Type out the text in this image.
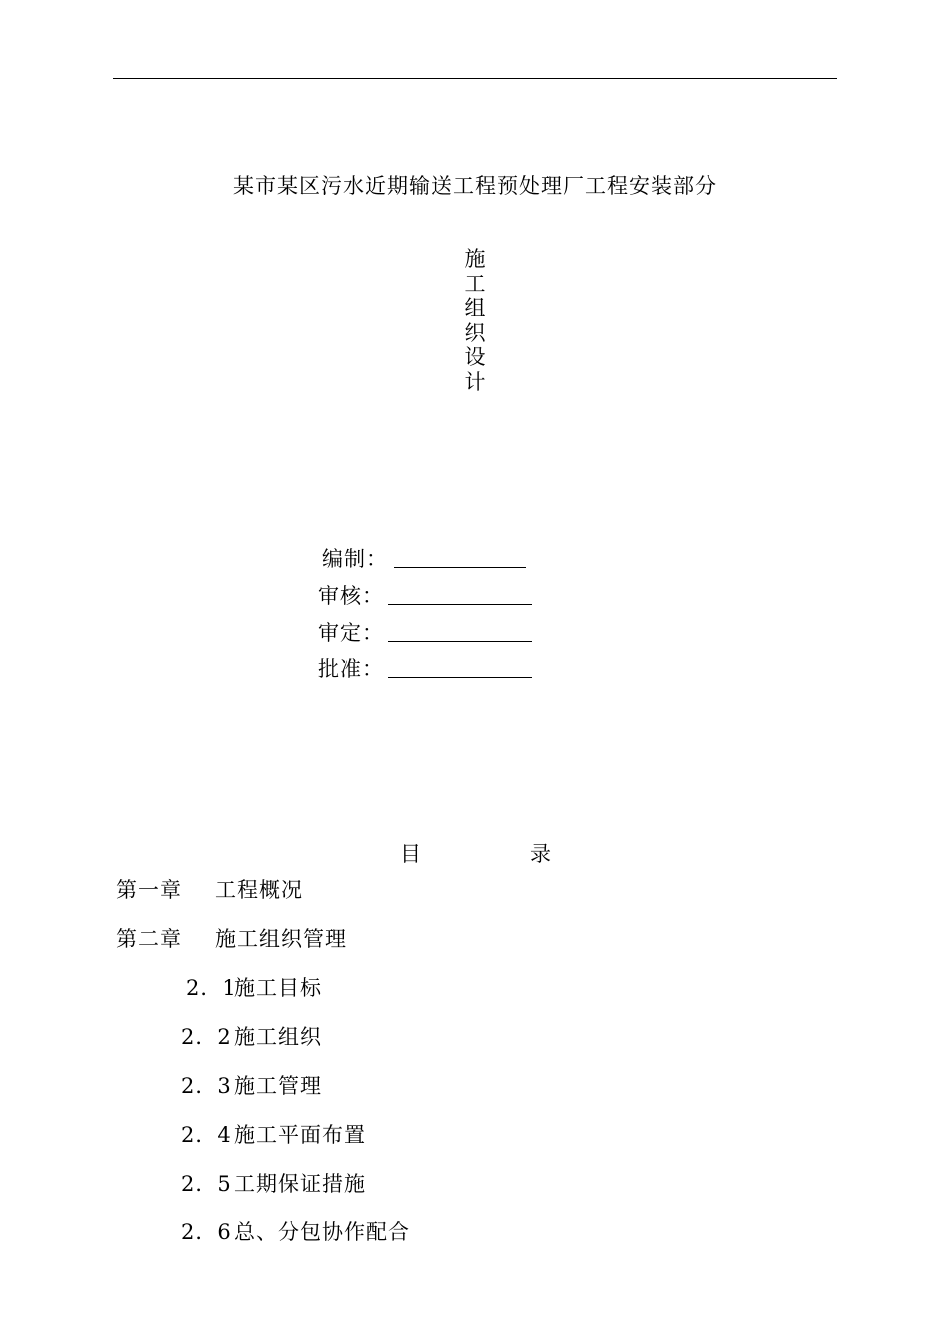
某市某区污水近期输送工程预处理厂工程安装部分
施
工
组
织
设
计
编制：
审核：
审定：
批准：
目	录
第一章 工程概况
第二章 施工组织管理
2．1施工目标
2．2 施工组织
2．3 施工管理
2．4 施工平面布置
2．5 工期保证措施
2．6 总、分包协作配合
